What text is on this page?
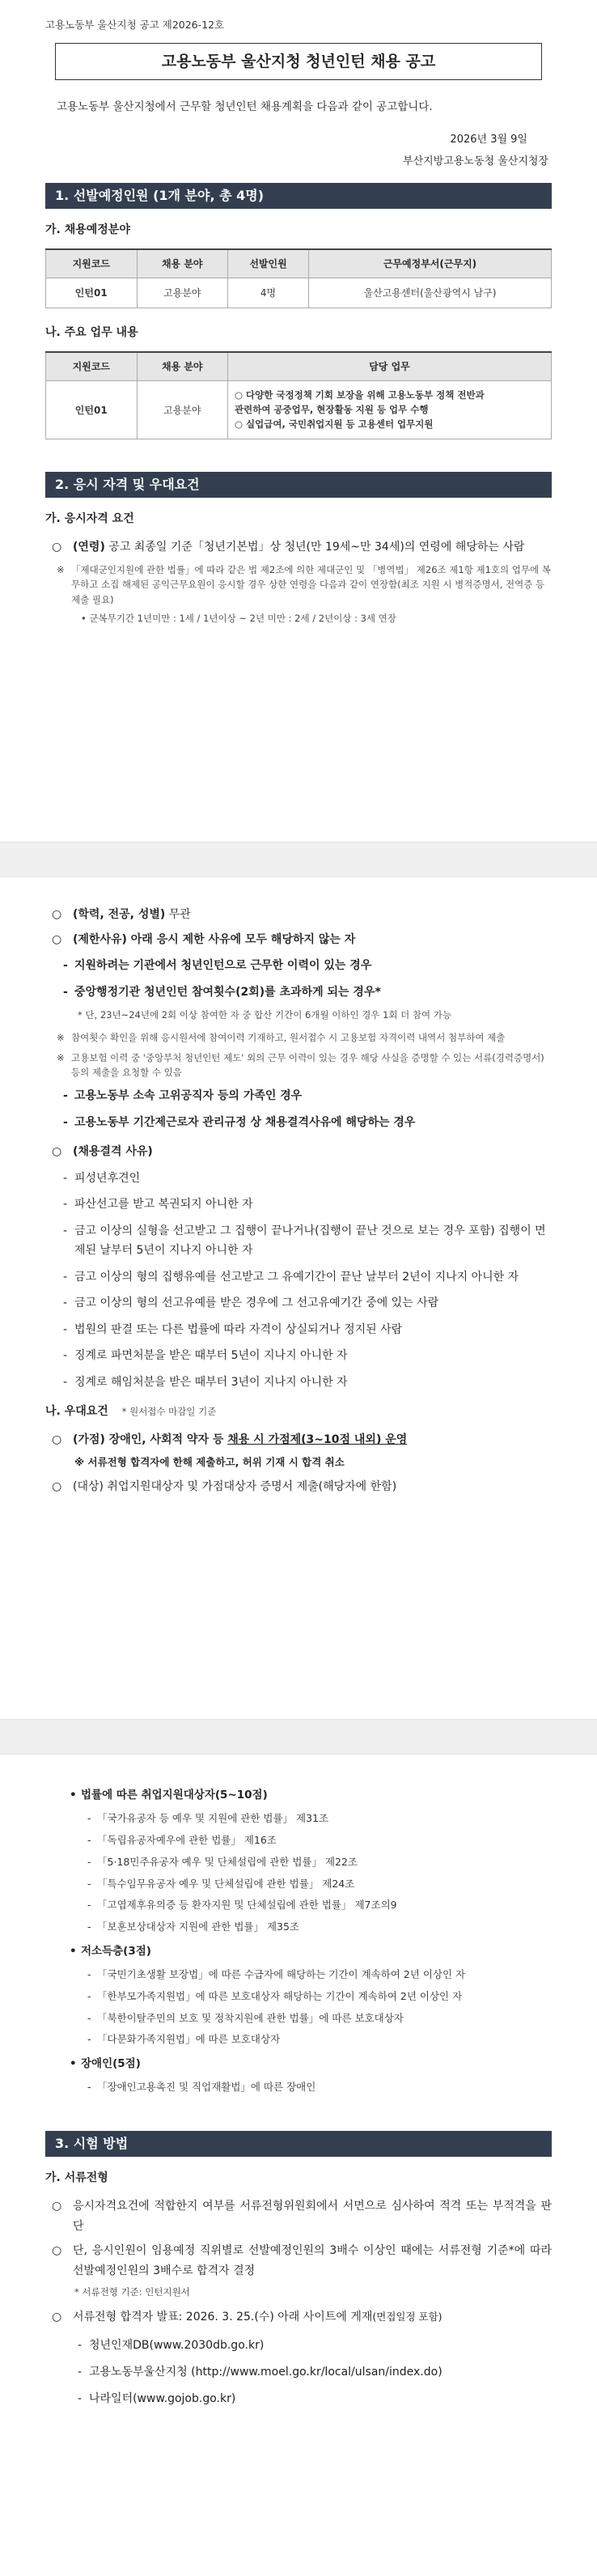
고용노동부 울산지청 공고 제2026-12호
고용노동부 울산지청 청년인턴 채용 공고
고용노동부 울산지청에서 근무할 청년인턴 채용계획을 다음과 같이 공고합니다.
2026년 3월 9일
부산지방고용노동청 울산지청장
1. 선발예정인원 (1개 분야, 총 4명)
가. 채용예정분야
지원코드	채용 분야	선발인원	근무예정부서(근무지)
인턴01	고용분야	4명	울산고용센터(울산광역시 남구)
나. 주요 업무 내용
지원코드	채용 분야	담당 업무
인턴01	고용분야	○ 다양한 국정정책 기회 보장을 위해 고용노동부 정책 전반과
관련하여 공중업무, 현장활동 지원 등 업무 수행
○ 실업급여, 국민취업지원 등 고용센터 업무지원
2. 응시 자격 및 우대요건
가. 응시자격 요건
○ (연령) 공고 최종일 기준「청년기본법」상 청년(만 19세~만 34세)의 연령에 해당하는 사람
※ 「제대군인지원에 관한 법률」에 따라 같은 법 제2조에 의한 제대군인 및 「병역법」 제26조 제1항 제1호의 업무에 복무하고 소집 해제된 공익근무요원이 응시할 경우 상한 연령을 다음과 같이 연장함(최조 지원 시 병적증명서, 전역증 등 제출 필요)
• 군복무기간 1년미만 : 1세 / 1년이상 ~ 2년 미만 : 2세 / 2년이상 : 3세 연장
○ (학력, 전공, 성별) 무관
○ (제한사유) 아래 응시 제한 사유에 모두 해당하지 않는 자
- 지원하려는 기관에서 청년인턴으로 근무한 이력이 있는 경우
- 중앙행정기관 청년인턴 참여횟수(2회)를 초과하게 되는 경우*
* 단, 23년~24년에 2회 이상 참여한 자 중 합산 기간이 6개월 이하인 경우 1회 더 참여 가능
※ 참여횟수 확인을 위해 응시원서에 참여이력 기재하고, 원서접수 시 고용보험 자격이력 내역서 첨부하여 제출
※ 고용보험 이력 중 '중앙부처 청년인턴 제도' 외의 근무 이력이 있는 경우 해당 사실을 증명할 수 있는 서류(경력증명서) 등의 제출을 요청할 수 있음
- 고용노동부 소속 고위공직자 등의 가족인 경우
- 고용노동부 기간제근로자 관리규정 상 채용결격사유에 해당하는 경우
○ (채용결격 사유)
- 피성년후견인
- 파산선고를 받고 복권되지 아니한 자
- 금고 이상의 실형을 선고받고 그 집행이 끝나거나(집행이 끝난 것으로 보는 경우 포함) 집행이 면제된 날부터 5년이 지나지 아니한 자
- 금고 이상의 형의 집행유예를 선고받고 그 유예기간이 끝난 날부터 2년이 지나지 아니한 자
- 금고 이상의 형의 선고유예를 받은 경우에 그 선고유예기간 중에 있는 사람
- 법원의 판결 또는 다른 법률에 따라 자격이 상실되거나 정지된 사람
- 징계로 파면처분을 받은 때부터 5년이 지나지 아니한 자
- 징계로 해임처분을 받은 때부터 3년이 지나지 아니한 자
나. 우대요건 * 원서접수 마감일 기준
○ (가점) 장애인, 사회적 약자 등 채용 시 가점제(3~10점 내외) 운영
※ 서류전형 합격자에 한해 제출하고, 허위 기재 시 합격 취소
○ (대상) 취업지원대상자 및 가점대상자 증명서 제출(해당자에 한함)
• 법률에 따른 취업지원대상자(5~10점)
- 「국가유공자 등 예우 및 지원에 관한 법률」 제31조
- 「독립유공자예우에 관한 법률」 제16조
- 「5·18민주유공자 예우 및 단체설립에 관한 법률」 제22조
- 「특수임무유공자 예우 및 단체설립에 관한 법률」 제24조
- 「고엽제후유의증 등 환자지원 및 단체설립에 관한 법률」 제7조의9
- 「보훈보상대상자 지원에 관한 법률」 제35조
• 저소득층(3점)
- 「국민기초생활 보장법」에 따른 수급자에 해당하는 기간이 계속하여 2년 이상인 자
- 「한부모가족지원법」에 따른 보호대상자 해당하는 기간이 계속하여 2년 이상인 자
- 「북한이탈주민의 보호 및 정착지원에 관한 법률」에 따른 보호대상자
- 「다문화가족지원법」에 따른 보호대상자
• 장애인(5점)
- 「장애인고용촉진 및 직업재활법」에 따른 장애인
3. 시험 방법
가. 서류전형
○ 응시자격요건에 적합한지 여부를 서류전형위원회에서 서면으로 심사하여 적격 또는 부적격을 판단
○ 단, 응시인원이 임용예정 직위별로 선발예정인원의 3배수 이상인 때에는 서류전형 기준*에 따라 선발예정인원의 3배수로 합격자 결정
* 서류전형 기준: 인턴지원서
○ 서류전형 합격자 발표: 2026. 3. 25.(수) 아래 사이트에 게재(면접일정 포함)
- 청년인재DB(www.2030db.go.kr)
- 고용노동부울산지청 (http://www.moel.go.kr/local/ulsan/index.do)
- 나라일터(www.gojob.go.kr)
